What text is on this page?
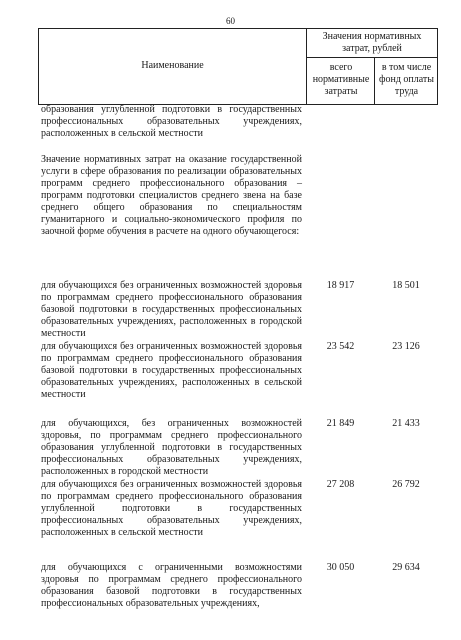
60
Наименование
Значения нормативных затрат, рублей
всего нормативные затраты
в том числе фонд оплаты труда
образования углубленной подготовки в государственных профессиональных образовательных учреждениях, расположенных в сельской местности
Значение нормативных затрат на оказание государственной услуги в сфере образования по реализации образовательных программ среднего профессионального образования – программ подготовки специалистов среднего звена на базе среднего общего образования по специальностям гуманитарного и социально-экономического профиля по заочной форме обучения в расчете на одного обучающегося:
для обучающихся без ограниченных возможностей здоровья по программам среднего профессионального образования базовой подготовки в государственных профессиональных образовательных учреждениях, расположенных в городской местности
18 917	18 501
для обучающихся без ограниченных возможностей здоровья по программам среднего профессионального образования базовой подготовки в государственных профессиональных образовательных учреждениях, расположенных в сельской местности
23 542	23 126
для обучающихся, без ограниченных возможностей здоровья, по программам среднего профессионального образования углубленной подготовки в государственных профессиональных образовательных учреждениях, расположенных в городской местности
21 849	21 433
для обучающихся без ограниченных возможностей здоровья по программам среднего профессионального образования углубленной подготовки в государственных профессиональных образовательных учреждениях, расположенных в сельской местности
27 208	26 792
для обучающихся с ограниченными возможностями здоровья по программам среднего профессионального образования базовой подготовки в государственных профессиональных образовательных учреждениях,
30 050	29 634
